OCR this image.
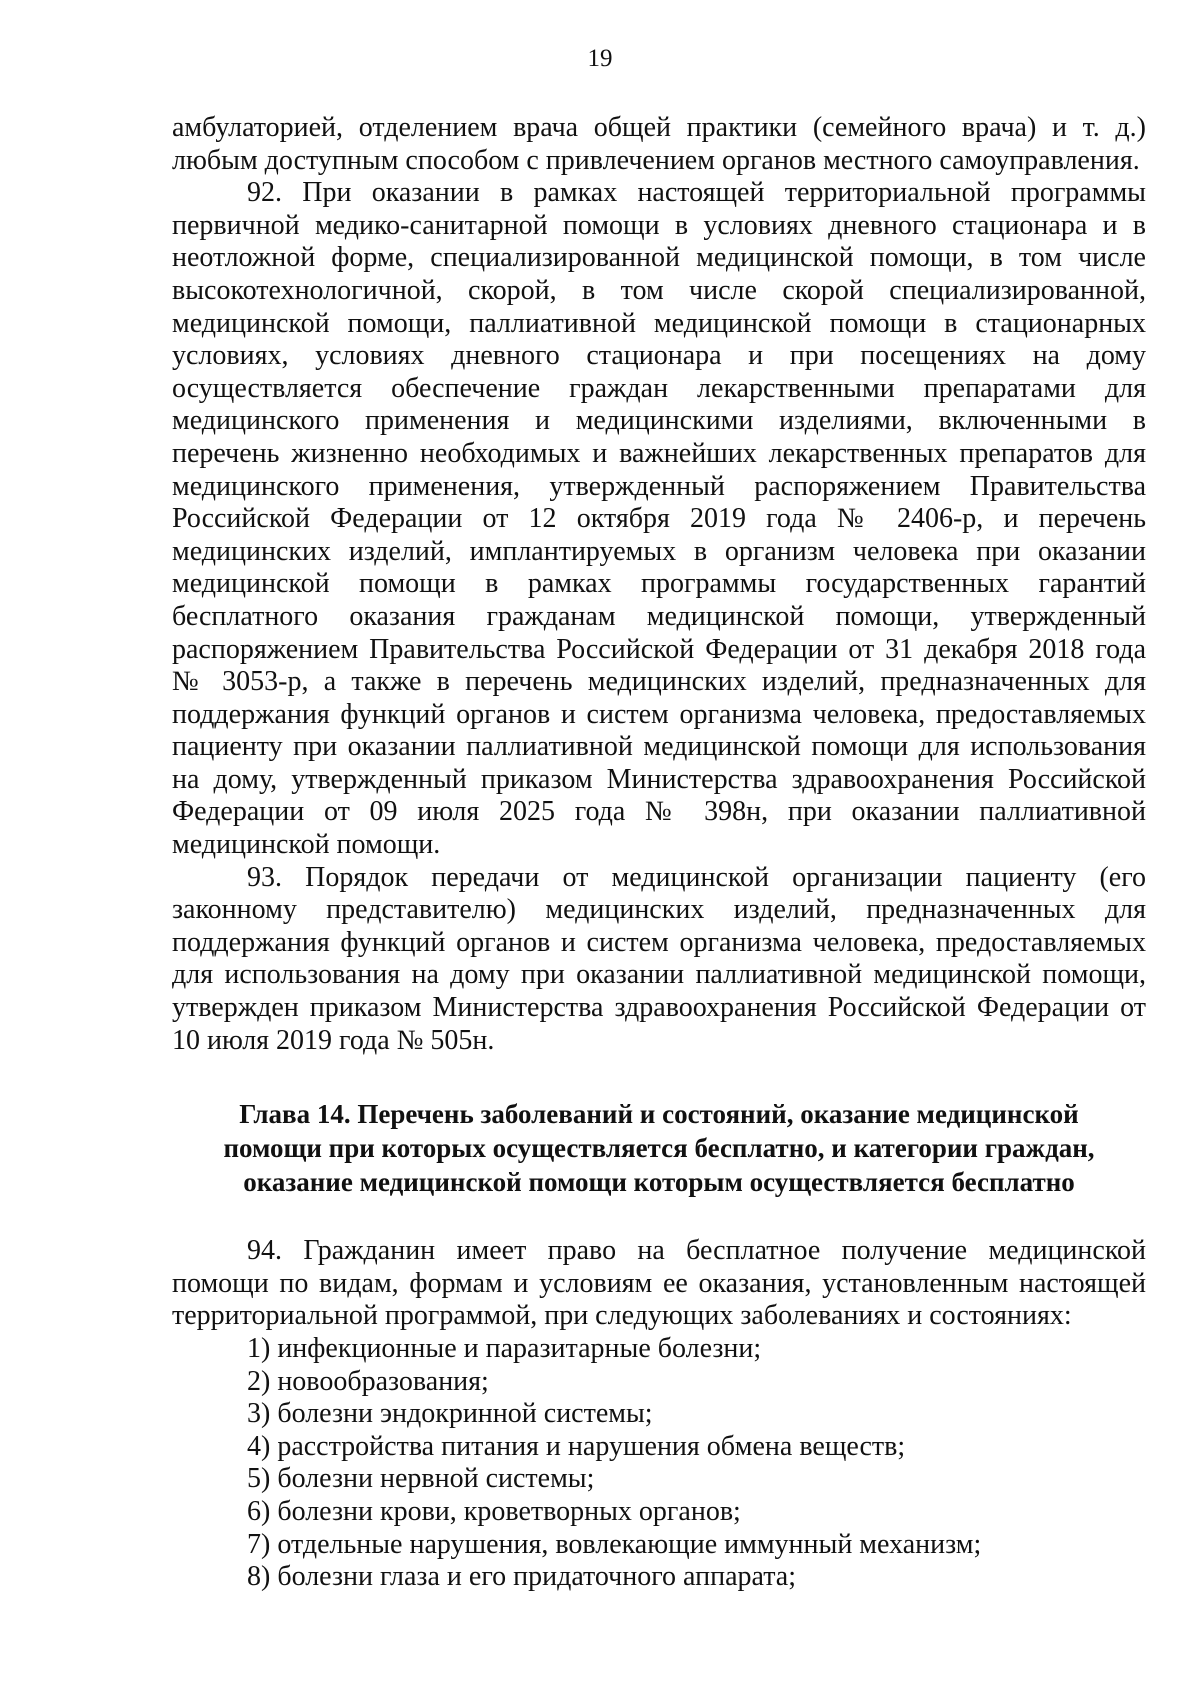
19

амбулаторией, отделением врача общей практики (семейного врача) и т. д.) любым доступным способом с привлечением органов местного самоуправления.

92. При оказании в рамках настоящей территориальной программы первичной медико-санитарной помощи в условиях дневного стационара и в неотложной форме, специализированной медицинской помощи, в том числе высокотехнологичной, скорой, в том числе скорой специализированной, медицинской помощи, паллиативной медицинской помощи в стационарных условиях, условиях дневного стационара и при посещениях на дому осуществляется обеспечение граждан лекарственными препаратами для медицинского применения и медицинскими изделиями, включенными в перечень жизненно необходимых и важнейших лекарственных препаратов для медицинского применения, утвержденный распоряжением Правительства Российской Федерации от 12 октября 2019 года № 2406-р, и перечень медицинских изделий, имплантируемых в организм человека при оказании медицинской помощи в рамках программы государственных гарантий бесплатного оказания гражданам медицинской помощи, утвержденный распоряжением Правительства Российской Федерации от 31 декабря 2018 года № 3053-р, а также в перечень медицинских изделий, предназначенных для поддержания функций органов и систем организма человека, предоставляемых пациенту при оказании паллиативной медицинской помощи для использования на дому, утвержденный приказом Министерства здравоохранения Российской Федерации от 09 июля 2025 года № 398н, при оказании паллиативной медицинской помощи.

93. Порядок передачи от медицинской организации пациенту (его законному представителю) медицинских изделий, предназначенных для поддержания функций органов и систем организма человека, предоставляемых для использования на дому при оказании паллиативной медицинской помощи, утвержден приказом Министерства здравоохранения Российской Федерации от 10 июля 2019 года № 505н.

Глава 14. Перечень заболеваний и состояний, оказание медицинской
помощи при которых осуществляется бесплатно, и категории граждан,
оказание медицинской помощи которым осуществляется бесплатно

94. Гражданин имеет право на бесплатное получение медицинской помощи по видам, формам и условиям ее оказания, установленным настоящей территориальной программой, при следующих заболеваниях и состояниях:

1) инфекционные и паразитарные болезни;
2) новообразования;
3) болезни эндокринной системы;
4) расстройства питания и нарушения обмена веществ;
5) болезни нервной системы;
6) болезни крови, кроветворных органов;
7) отдельные нарушения, вовлекающие иммунный механизм;
8) болезни глаза и его придаточного аппарата;
